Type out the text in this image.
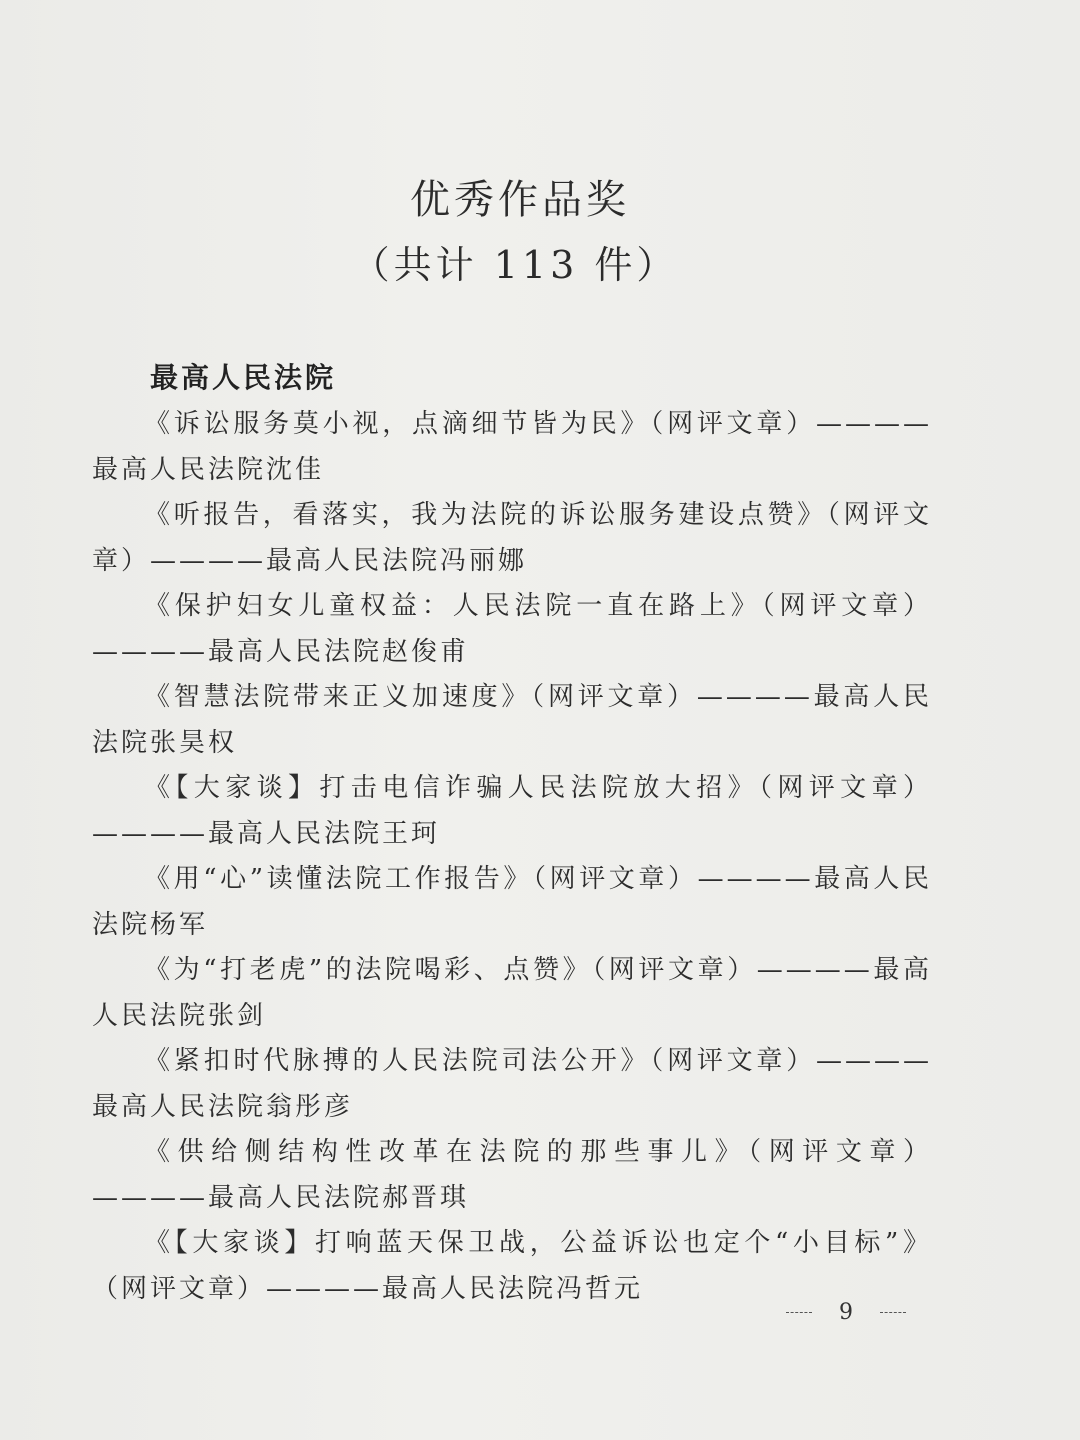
优秀作品奖
（共计 113 件）
最高人民法院

《诉讼服务莫小视，点滴细节皆为民》（网评文章）————最高人民法院沈佳

《听报告，看落实，我为法院的诉讼服务建设点赞》（网评文章）————最高人民法院冯丽娜

《保护妇女儿童权益：人民法院一直在路上》（网评文章）————最高人民法院赵俊甫

《智慧法院带来正义加速度》（网评文章）————最高人民法院张昊权

《【大家谈】打击电信诈骗人民法院放大招》（网评文章）————最高人民法院王珂

《用“心”读懂法院工作报告》（网评文章）————最高人民法院杨军

《为“打老虎”的法院喝彩、点赞》（网评文章）————最高人民法院张剑

《紧扣时代脉搏的人民法院司法公开》（网评文章）————最高人民法院翁彤彦

《供给侧结构性改革在法院的那些事儿》（网评文章）————最高人民法院郝晋琪

《【大家谈】打响蓝天保卫战，公益诉讼也定个“小目标”》（网评文章）————最高人民法院冯哲元

9
